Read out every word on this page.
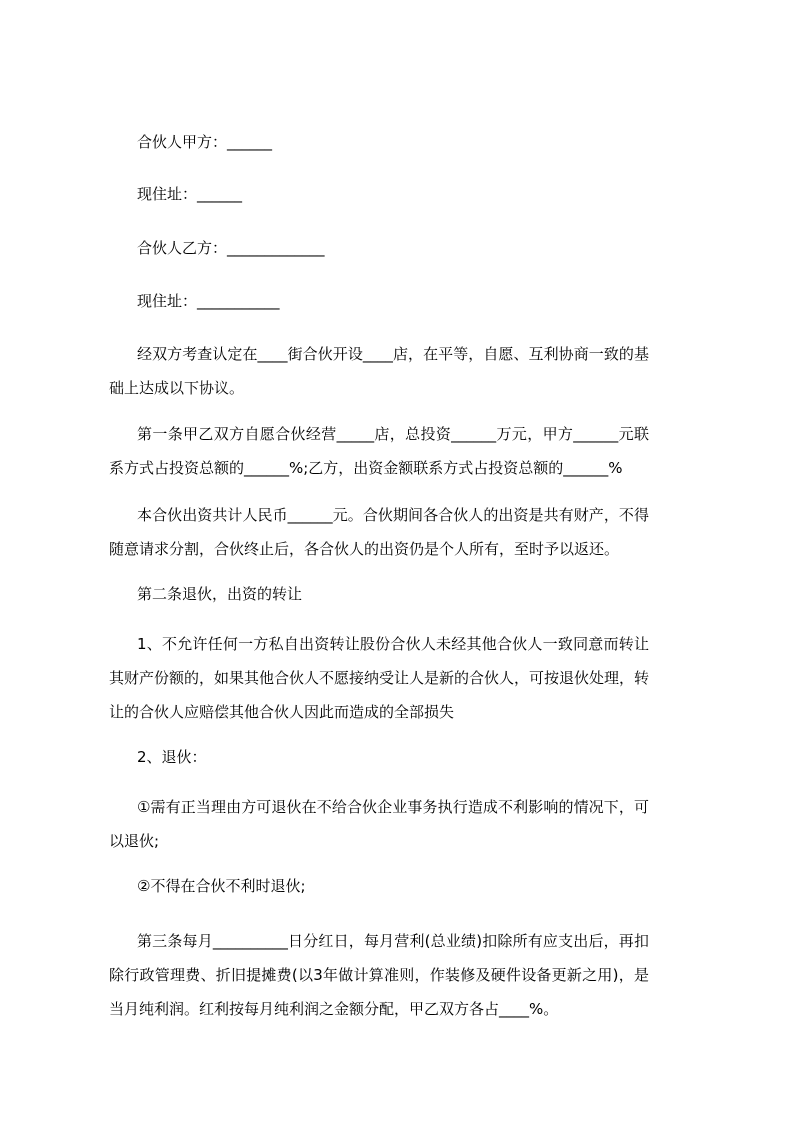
合伙人甲方：______
现住址：______
合伙人乙方：_____________
现住址：___________
经双方考查认定在____街合伙开设____店，在平等，自愿、互利协商一致的基础上达成以下协议。
第一条甲乙双方自愿合伙经营_____店，总投资______万元，甲方______元联系方式占投资总额的______%;乙方，出资金额联系方式占投资总额的______%
本合伙出资共计人民币______元。合伙期间各合伙人的出资是共有财产，不得随意请求分割，合伙终止后，各合伙人的出资仍是个人所有，至时予以返还。
第二条退伙，出资的转让
1、不允许任何一方私自出资转让股份合伙人未经其他合伙人一致同意而转让其财产份额的，如果其他合伙人不愿接纳受让人是新的合伙人，可按退伙处理，转让的合伙人应赔偿其他合伙人因此而造成的全部损失
2、退伙：
①需有正当理由方可退伙在不给合伙企业事务执行造成不利影响的情况下，可以退伙;
②不得在合伙不利时退伙;
第三条每月__________日分红日，每月营利(总业绩)扣除所有应支出后，再扣除行政管理费、折旧提摊费(以3年做计算准则，作装修及硬件设备更新之用)，是当月纯利润。红利按每月纯利润之金额分配，甲乙双方各占____%。
